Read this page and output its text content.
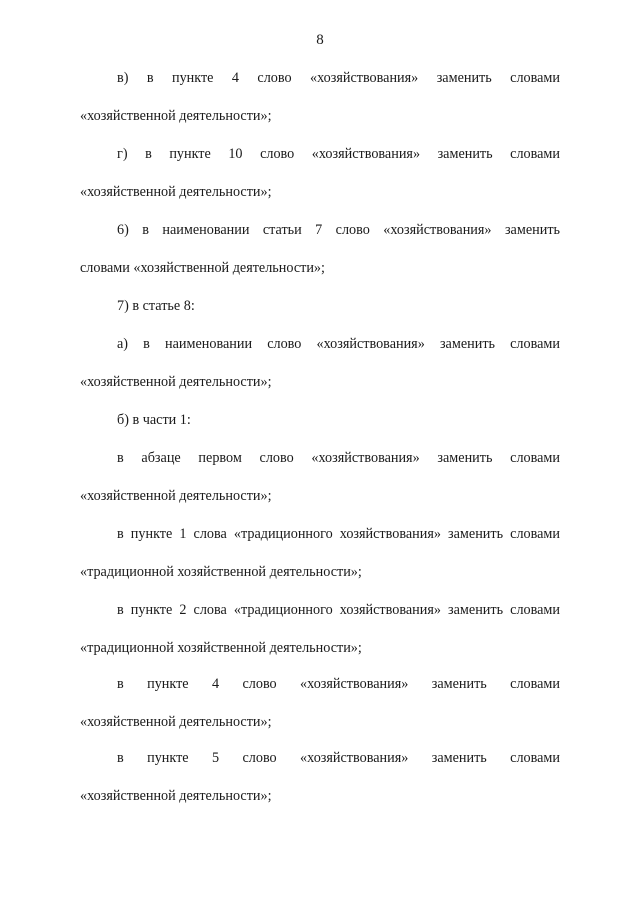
8
в) в пункте 4 слово «хозяйствования» заменить словами
«хозяйственной деятельности»;
г) в пункте 10 слово «хозяйствования» заменить словами
«хозяйственной деятельности»;
6) в наименовании статьи 7 слово «хозяйствования» заменить
словами «хозяйственной деятельности»;
7) в статье 8:
а) в наименовании слово «хозяйствования» заменить словами
«хозяйственной деятельности»;
б) в части 1:
в абзаце первом слово «хозяйствования» заменить словами
«хозяйственной деятельности»;
в пункте 1 слова «традиционного хозяйствования» заменить словами
«традиционной хозяйственной деятельности»;
в пункте 2 слова «традиционного хозяйствования» заменить словами
«традиционной хозяйственной деятельности»;
в пункте 4 слово «хозяйствования» заменить словами
«хозяйственной деятельности»;
в пункте 5 слово «хозяйствования» заменить словами
«хозяйственной деятельности»;
